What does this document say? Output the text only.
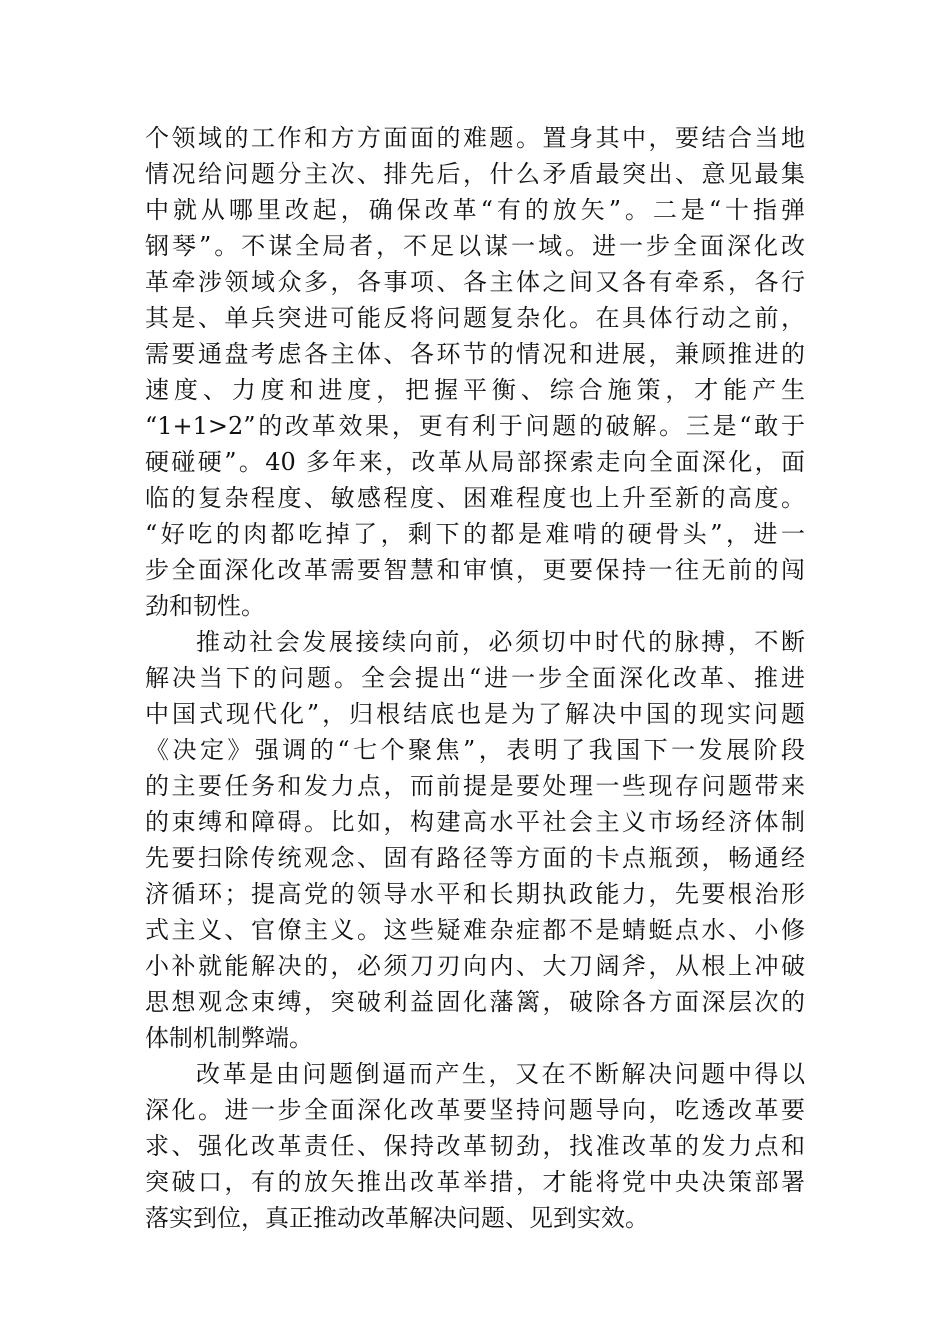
个领域的工作和方方面面的难题。置身其中，要结合当地
情况给问题分主次、排先后，什么矛盾最突出、意见最集
中就从哪里改起，确保改革“有的放矢”。二是“十指弹
钢琴”。不谋全局者，不足以谋一域。进一步全面深化改
革牵涉领域众多，各事项、各主体之间又各有牵系，各行
其是、单兵突进可能反将问题复杂化。在具体行动之前，
需要通盘考虑各主体、各环节的情况和进展，兼顾推进的
速度、力度和进度，把握平衡、综合施策，才能产生
“1+1>2”的改革效果，更有利于问题的破解。三是“敢于
硬碰硬”。40 多年来，改革从局部探索走向全面深化，面
临的复杂程度、敏感程度、困难程度也上升至新的高度。
“好吃的肉都吃掉了，剩下的都是难啃的硬骨头”，进一
步全面深化改革需要智慧和审慎，更要保持一往无前的闯
劲和韧性。
推动社会发展接续向前，必须切中时代的脉搏，不断
解决当下的问题。全会提出“进一步全面深化改革、推进
中国式现代化”，归根结底也是为了解决中国的现实问题
《决定》强调的“七个聚焦”，表明了我国下一发展阶段
的主要任务和发力点，而前提是要处理一些现存问题带来
的束缚和障碍。比如，构建高水平社会主义市场经济体制
先要扫除传统观念、固有路径等方面的卡点瓶颈，畅通经
济循环；提高党的领导水平和长期执政能力，先要根治形
式主义、官僚主义。这些疑难杂症都不是蜻蜓点水、小修
小补就能解决的，必须刀刃向内、大刀阔斧，从根上冲破
思想观念束缚，突破利益固化藩篱，破除各方面深层次的
体制机制弊端。
改革是由问题倒逼而产生，又在不断解决问题中得以
深化。进一步全面深化改革要坚持问题导向，吃透改革要
求、强化改革责任、保持改革韧劲，找准改革的发力点和
突破口，有的放矢推出改革举措，才能将党中央决策部署
落实到位，真正推动改革解决问题、见到实效。
